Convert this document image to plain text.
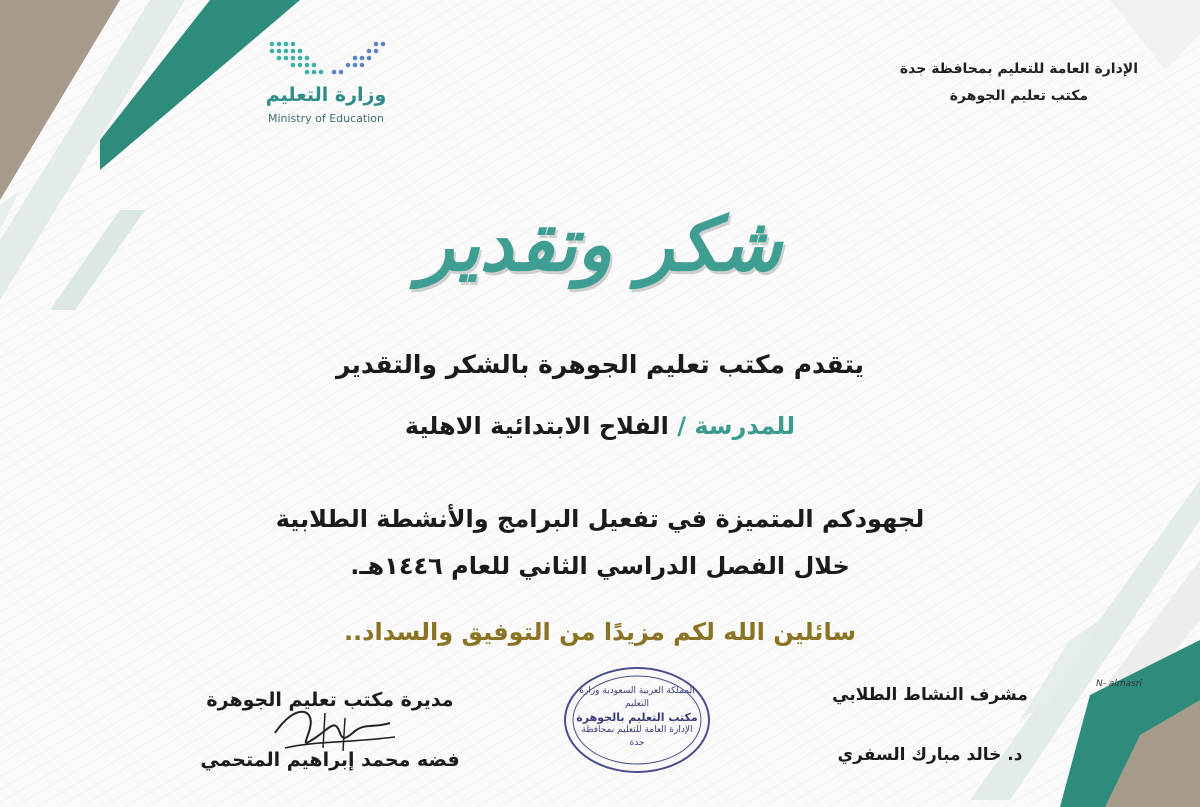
الإدارة العامة للتعليم بمحافظة جدة
مكتب تعليم الجوهرة
وزارة التعليم
Ministry of Education
شكر وتقدير
يتقدم مكتب تعليم الجوهرة بالشكر والتقدير
للمدرسة / الفلاح الابتدائية الاهلية
لجهودكم المتميزة في تفعيل البرامج والأنشطة الطلابية
خلال الفصل الدراسي الثاني للعام ١٤٤٦هـ.
سائلين الله لكم مزيدًا من التوفيق والسداد..
مديرة مكتب تعليم الجوهرة
فضه محمد إبراهيم المتحمي
مشرف النشاط الطلابي
د. خالد مبارك السفري
المملكة العربية السعودية وزارة التعليم
مكتب التعليم بالجوهرة
الإدارة العامة للتعليم بمحافظة جدة
N- almasri
